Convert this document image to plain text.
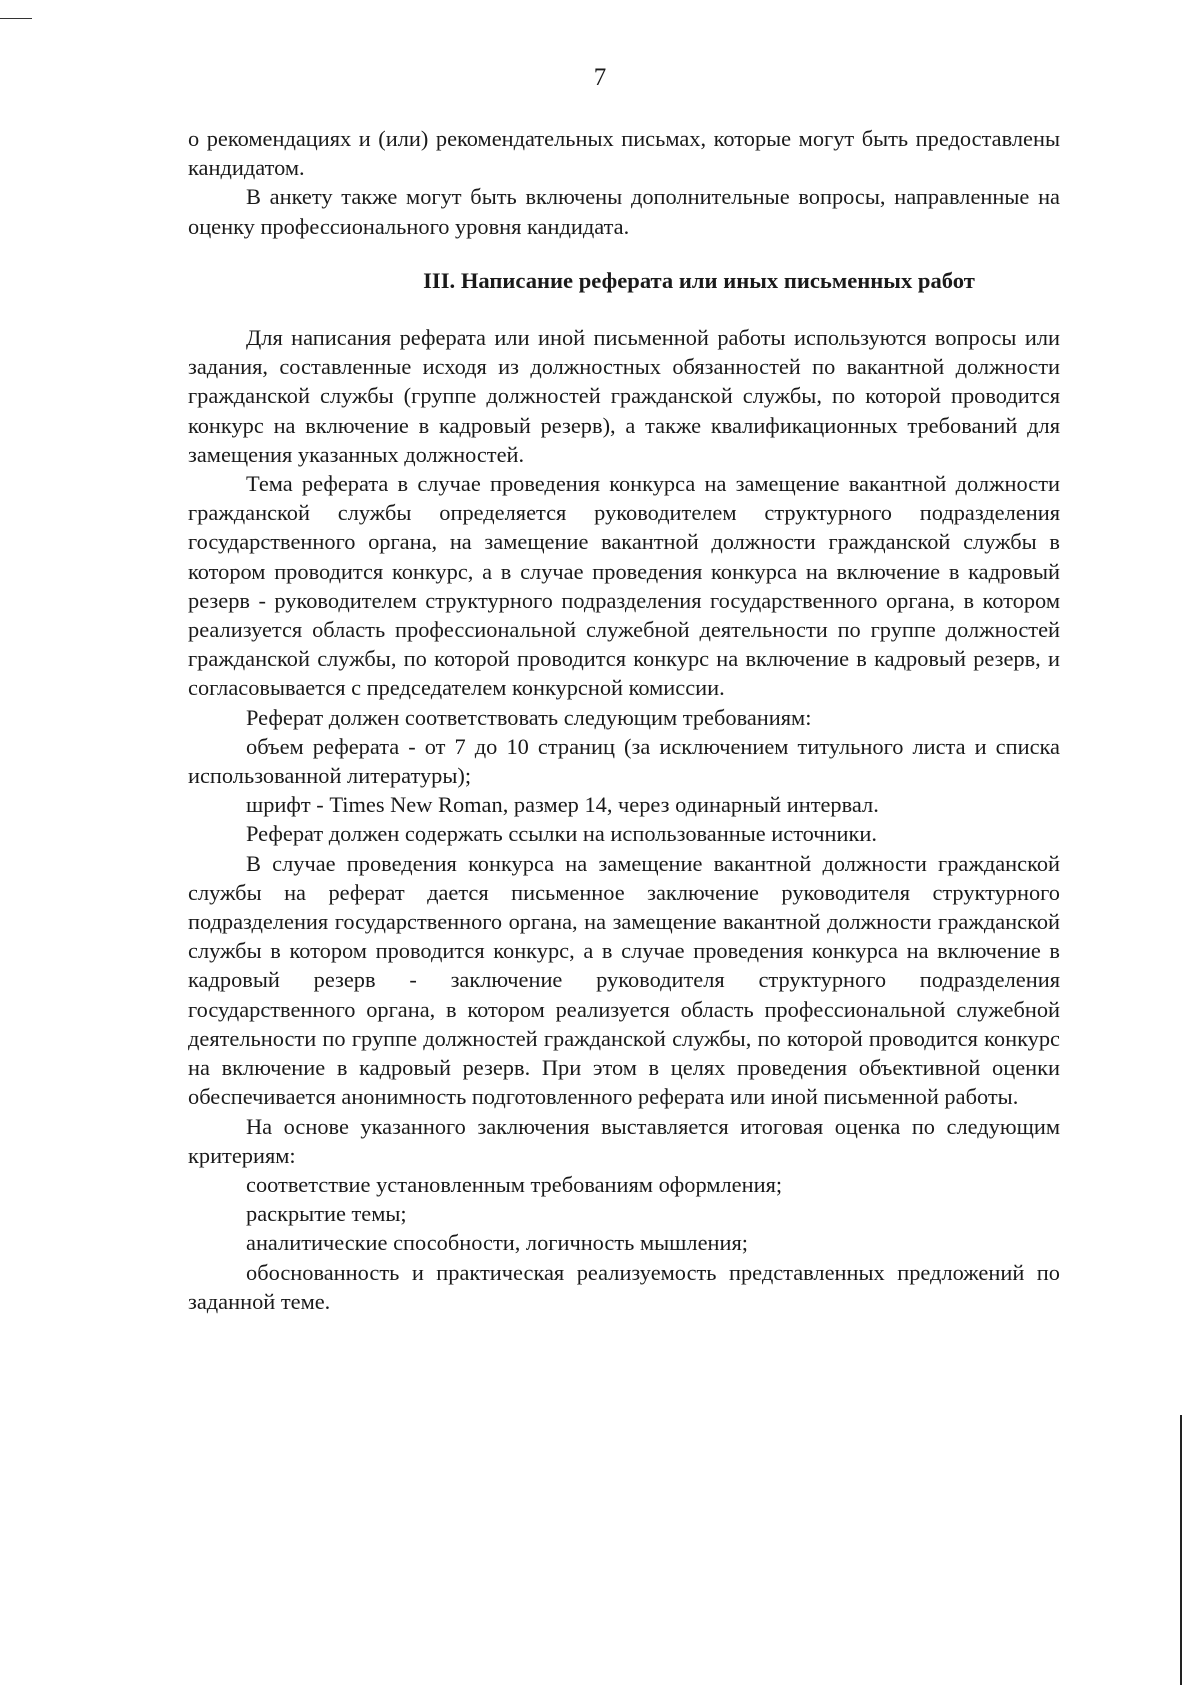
7

о рекомендациях и (или) рекомендательных письмах, которые могут быть предоставлены кандидатом.

В анкету также могут быть включены дополнительные вопросы, направленные на оценку профессионального уровня кандидата.

III. Написание реферата или иных письменных работ

Для написания реферата или иной письменной работы используются вопросы или задания, составленные исходя из должностных обязанностей по вакантной должности гражданской службы (группе должностей гражданской службы, по которой проводится конкурс на включение в кадровый резерв), а также квалификационных требований для замещения указанных должностей.

Тема реферата в случае проведения конкурса на замещение вакантной должности гражданской службы определяется руководителем структурного подразделения государственного органа, на замещение вакантной должности гражданской службы в котором проводится конкурс, а в случае проведения конкурса на включение в кадровый резерв - руководителем структурного подразделения государственного органа, в котором реализуется область профессиональной служебной деятельности по группе должностей гражданской службы, по которой проводится конкурс на включение в кадровый резерв, и согласовывается с председателем конкурсной комиссии.

Реферат должен соответствовать следующим требованиям:

объем реферата - от 7 до 10 страниц (за исключением титульного листа и списка использованной литературы);

шрифт - Times New Roman, размер 14, через одинарный интервал.

Реферат должен содержать ссылки на использованные источники.

В случае проведения конкурса на замещение вакантной должности гражданской службы на реферат дается письменное заключение руководителя структурного подразделения государственного органа, на замещение вакантной должности гражданской службы в котором проводится конкурс, а в случае проведения конкурса на включение в кадровый резерв - заключение руководителя структурного подразделения государственного органа, в котором реализуется область профессиональной служебной деятельности по группе должностей гражданской службы, по которой проводится конкурс на включение в кадровый резерв. При этом в целях проведения объективной оценки обеспечивается анонимность подготовленного реферата или иной письменной работы.

На основе указанного заключения выставляется итоговая оценка по следующим критериям:

соответствие установленным требованиям оформления;

раскрытие темы;

аналитические способности, логичность мышления;

обоснованность и практическая реализуемость представленных предложений по заданной теме.
